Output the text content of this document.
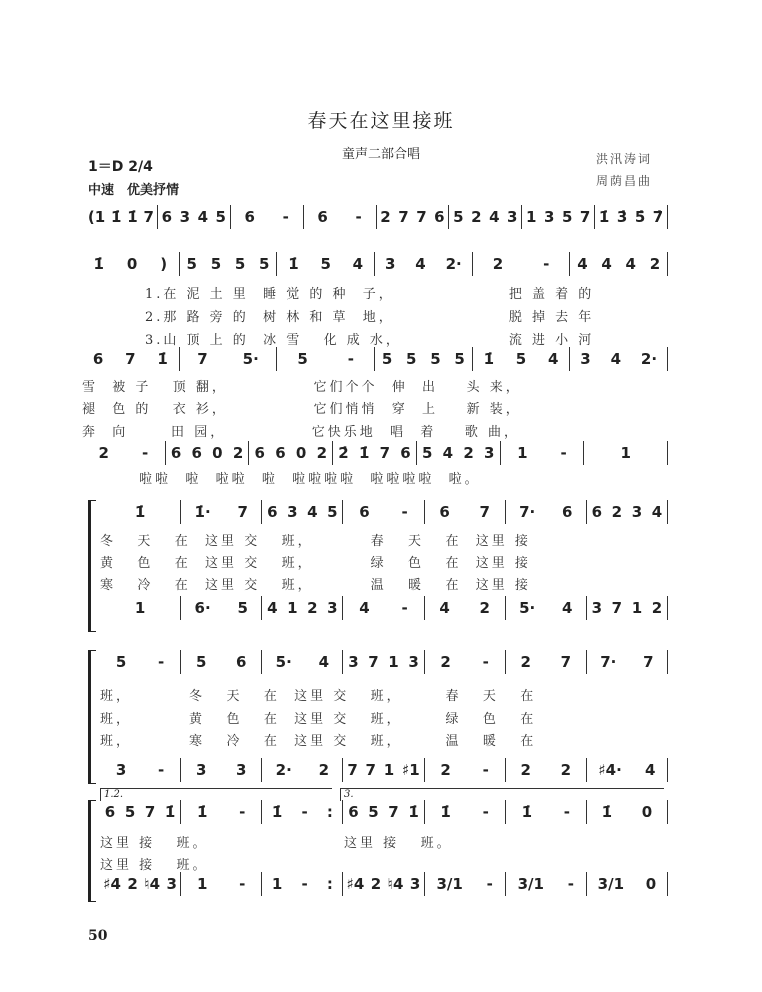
春天在这里接班
童声二部合唱	洪汛涛词
周荫昌曲
1＝D 2/4
中速　优美抒情
50
1.2.	3.
(1 1̇ 1̇ 7 6 3 4 5 6 - 6 - 2 7 7 6 5 2 4 3 1 3 5 7 1̇ 3̇ 5̇ 7̇
1̇ 0 ) 5 5 5 5 1̇ 5 4 3 4 2· 2	- 4 4 4 2
6 7 1̇ 7 5·	5	- 5 5 5 5 1̇ 5 4 3 4 2·
2 - 6 6 0 2 6 6 0 2 2̇ 1̇ 7 6 5 4 2 3 1 -	1
1̇	1̇· 7 6 3 4 5 6 - 6 7 7· 6 6 2 3 4
1	6· 5 4 1 2 3 4 - 4 2 5· 4 3 7 1 2
5 - 5 6 5· 4 3 7 1 3 2 - 2 7 7· 7
3 - 3 3 2· 2 7 7 1 ♯1 2 - 2 2 ♯4· 4
6 5 7 1̇ 1̇ - 1̇ - : 6 5 7 1̇ 1̇ - 1̇ - 1̇ 0
♯4 2 ♮4 3 1 - 1 - : ♯4 2 ♮4 3 3/1 - 3/1 - 3/1 0
1.在 泥 土 里  睡 觉 的 种  子，                把 盖 着 的
2.那 路 旁 的  树 林 和 草  地，                脱 掉 去 年
3.山 顶 上 的  冰 雪   化 成 水，               流 进 小 河
雪  被 子   顶 翻，            它们个个  伸  出    头 来，
褪  色 的   衣 衫，            它们悄悄  穿  上    新 装，
奔  向      田 园，            它快乐地  唱  着    歌 曲，
啦啦  啦  啦啦  啦  啦啦啦啦  啦啦啦啦  啦。
冬   天   在  这里 交   班，        春   天   在  这里 接
黄   色   在  这里 交   班，        绿   色   在  这里 接
寒   冷   在  这里 交   班，        温   暖   在  这里 接
班，        冬   天   在  这里 交   班，      春   天   在
班，        黄   色   在  这里 交   班，      绿   色   在
班，        寒   冷   在  这里 交   班，      温   暖   在
这里 接   班。                   这里 接   班。
这里 接   班。
